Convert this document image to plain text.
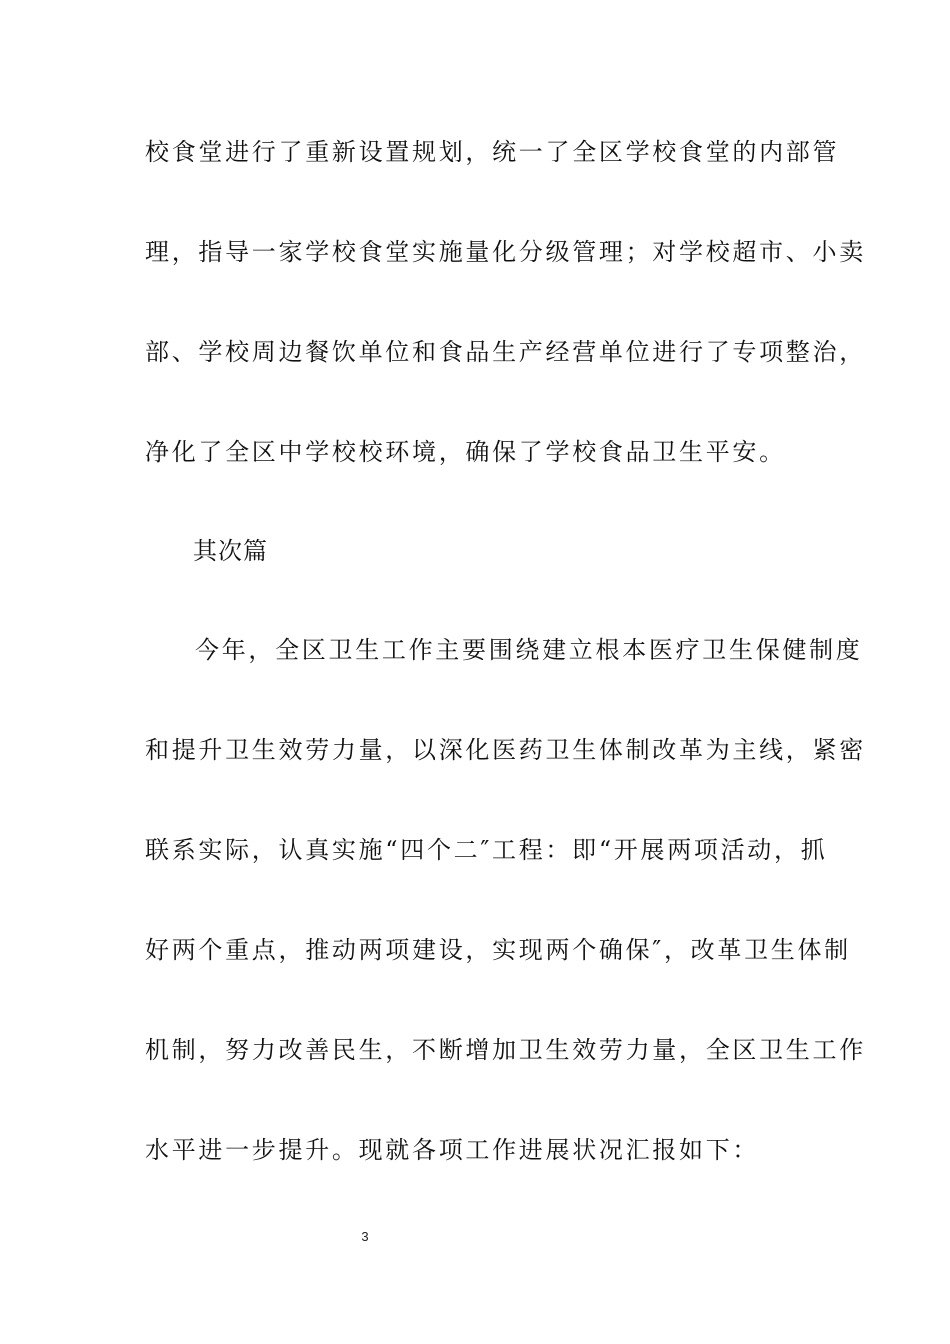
校食堂进行了重新设置规划，统一了全区学校食堂的内部管
理，指导一家学校食堂实施量化分级管理；对学校超市、小卖
部、学校周边餐饮单位和食品生产经营单位进行了专项整治，
净化了全区中学校校环境，确保了学校食品卫生平安。
其次篇
今年，全区卫生工作主要围绕建立根本医疗卫生保健制度
和提升卫生效劳力量，以深化医药卫生体制改革为主线，紧密
联系实际，认真实施“四个二″工程：即“开展两项活动，抓
好两个重点，推动两项建设，实现两个确保″，改革卫生体制
机制，努力改善民生，不断增加卫生效劳力量，全区卫生工作
水平进一步提升。现就各项工作进展状况汇报如下：
3
